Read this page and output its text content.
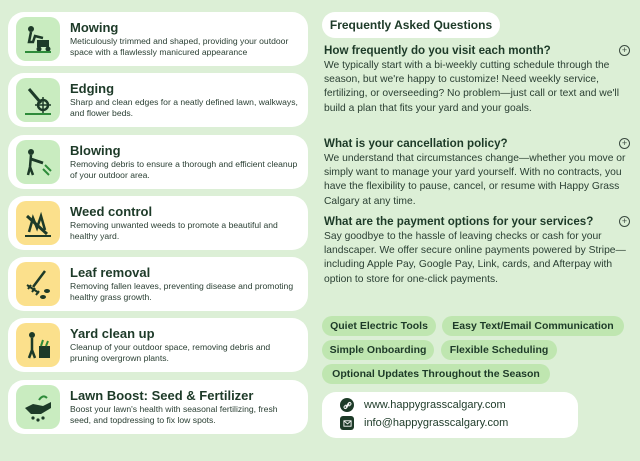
Mowing
Meticulously trimmed and shaped, providing your outdoor space with a flawlessly manicured appearance
Edging
Sharp and clean edges for a neatly defined lawn, walkways, and flower beds.
Blowing
Removing debris to ensure a thorough and efficient cleanup of your outdoor area.
Weed control
Removing unwanted weeds to promote a beautiful and healthy yard.
Leaf removal
Removing fallen leaves, preventing disease and promoting healthy grass growth.
Yard clean up
Cleanup of your outdoor space, removing debris and pruning overgrown plants.
Lawn Boost: Seed & Fertilizer
Boost your lawn's health with seasonal fertilizing, fresh seed, and topdressing to fix low spots.
Frequently Asked Questions
How frequently do you visit each month?	+
We typically start with a bi-weekly cutting schedule through the season, but we're happy to customize! Need weekly service, fertilizing, or overseeding? No problem—just call or text and we'll build a plan that fits your yard and your goals.
What is your cancellation policy?	+
We understand that circumstances change—whether you move or simply want to manage your yard yourself. With no contracts, you have the flexibility to pause, cancel, or resume with Happy Grass Calgary at any time.
What are the payment options for your services?	+
Say goodbye to the hassle of leaving checks or cash for your landscaper. We offer secure online payments powered by Stripe— including Apple Pay, Google Pay, Link, cards, and Afterpay with option to store for one-click payments.
Quiet Electric Tools	Easy Text/Email Communication
Simple Onboarding	Flexible Scheduling
Optional Updates Throughout the Season
www.happygrasscalgary.com
info@happygrasscalgary.com
